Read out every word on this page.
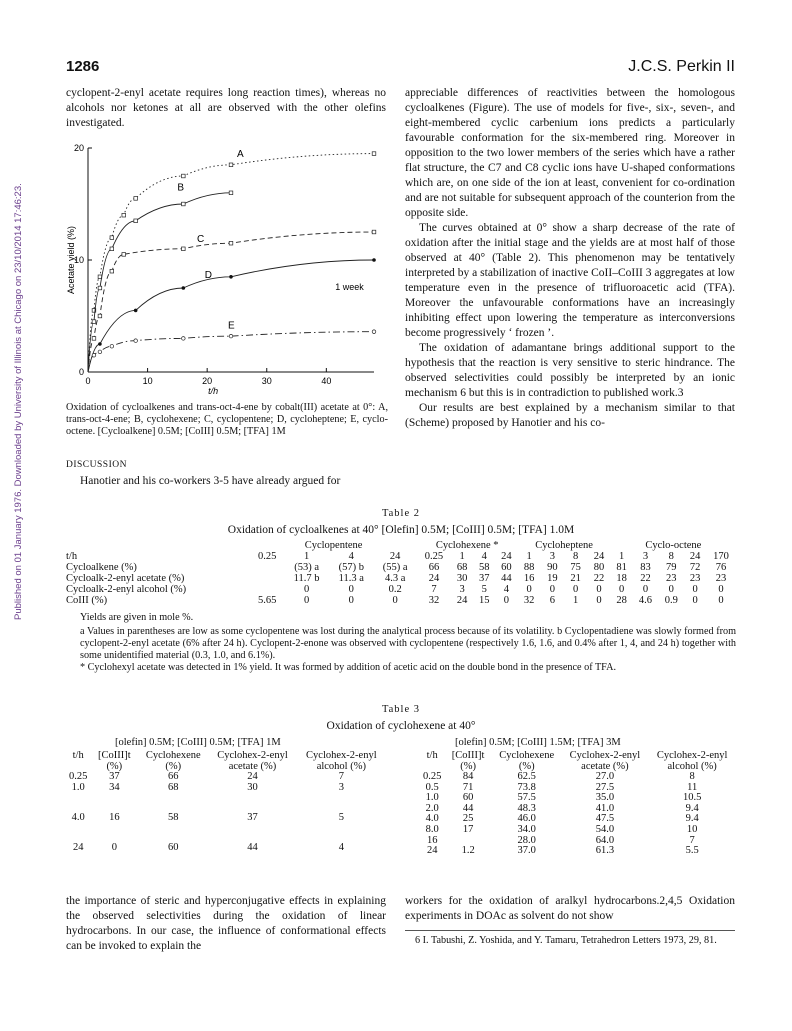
Published on 01 January 1976. Downloaded by University of Illinois at Chicago on 23/10/2014 17:46:23.
1286	J.C.S. Perkin II

cyclopent-2-enyl acetate requires long reaction times), whereas no alcohols nor ketones at all are observed with the other olefins investigated.

0	10	20	30	40
0
10
20
t/h
Acetate yield (%)
A
B
C
D
E
1 week
Oxidation of cycloalkenes and trans-oct-4-ene by cobalt(III) acetate at 0°: A, trans-oct-4-ene; B, cyclohexene; C, cyclopentene; D, cycloheptene; E, cyclo-octene. [Cycloalkene] 0.5M; [CoIII] 0.5M; [TFA] 1M
DISCUSSION
Hanotier and his co-workers 3-5 have already argued for

appreciable differences of reactivities between the homologous cycloalkenes (Figure). The use of models for five-, six-, seven-, and eight-membered cyclic carbenium ions predicts a particularly favourable conformation for the six-membered ring. Moreover in opposition to the two lower members of the series which have a rather flat structure, the C7 and C8 cyclic ions have U-shaped conformations which are, on one side of the ion at least, convenient for co-ordination and are not suitable for subsequent approach of the counterion from the opposite side.

The curves obtained at 0° show a sharp decrease of the rate of oxidation after the initial stage and the yields are at most half of those observed at 40° (Table 2). This phenomenon may be tentatively interpreted by a stabilization of inactive CoII–CoIII 3 aggregates at low temperature even in the presence of trifluoroacetic acid (TFA). Moreover the unfavourable conformations have an increasingly inhibiting effect upon lowering the temperature as interconversions become progressively ‘ frozen ’.

The oxidation of adamantane brings additional support to the hypothesis that the reaction is very sensitive to steric hindrance. The observed selectivities could possibly be interpreted by an ionic mechanism 6 but this is in contradiction to published work.3

Our results are best explained by a mechanism similar to that (Scheme) proposed by Hanotier and his co-

Table 2
Oxidation of cycloalkenes at 40° [Olefin] 0.5M; [CoIII] 0.5M; [TFA] 1.0M
	Cyclopentene				Cyclohexene *				Cycloheptene				Cyclo-octene				
t/h	0.25	1	4	24	0.25	1	4	24	1	3	8	24	1	3	8	24	170
Cycloalkene (%)		(53) a	(57) b	(55) a	66	68	58	60	88	90	75	80	81	83	79	72	76
Cycloalk-2-enyl acetate (%)		11.7 b	11.3 a	4.3 a	24	30	37	44	16	19	21	22	18	22	23	23	23
Cycloalk-2-enyl alcohol (%)		0	0	0.2	7	3	5	4	0	0	0	0	0	0	0	0	0
CoIII (%)	5.65	0	0	0	32	24	15	0	32	6	1	0	28	4.6	0.9	0	0
Yields are given in mole %.
a Values in parentheses are low as some cyclopentene was lost during the analytical process because of its volatility. b Cyclopentadiene was slowly formed from cyclopent-2-enyl acetate (6% after 24 h). Cyclopent-2-enone was observed with cyclopentene (respectively 1.6, 1.6, and 0.4% after 1, 4, and 24 h) together with some unidentified material (0.3, 1.0, and 6.1%).
* Cyclohexyl acetate was detected in 1% yield. It was formed by addition of acetic acid on the double bond in the presence of TFA.
Table 3
Oxidation of cyclohexene at 40°
[olefin] 0.5M; [CoIII] 0.5M; [TFA] 1M	[olefin] 0.5M; [CoIII] 1.5M; [TFA] 3M
t/h	[CoIII]t (%)	Cyclohexene (%)	Cyclohex-2-enyl acetate (%)	Cyclohex-2-enyl alcohol (%)
0.25	37	66	24	7
1.0	34	68	30	3
4.0	16	58	37	5
24	0	60	44	4
t/h	[CoIII]t (%)	Cyclohexene (%)	Cyclohex-2-enyl acetate (%)	Cyclohex-2-enyl alcohol (%)
0.25	84	62.5	27.0	8
0.5	71	73.8	27.5	11
1.0	60	57.5	35.0	10.5
2.0	44	48.3	41.0	9.4
4.0	25	46.0	47.5	9.4
8.0	17	34.0	54.0	10
16		28.0	64.0	7
24	1.2	37.0	61.3	5.5
the importance of steric and hyperconjugative effects in explaining the observed selectivities during the oxidation of linear hydrocarbons. In our case, the influence of conformational effects can be invoked to explain the
workers for the oxidation of aralkyl hydrocarbons.2,4,5 Oxidation experiments in DOAc as solvent do not show
6 I. Tabushi, Z. Yoshida, and Y. Tamaru, Tetrahedron Letters 1973, 29, 81.
